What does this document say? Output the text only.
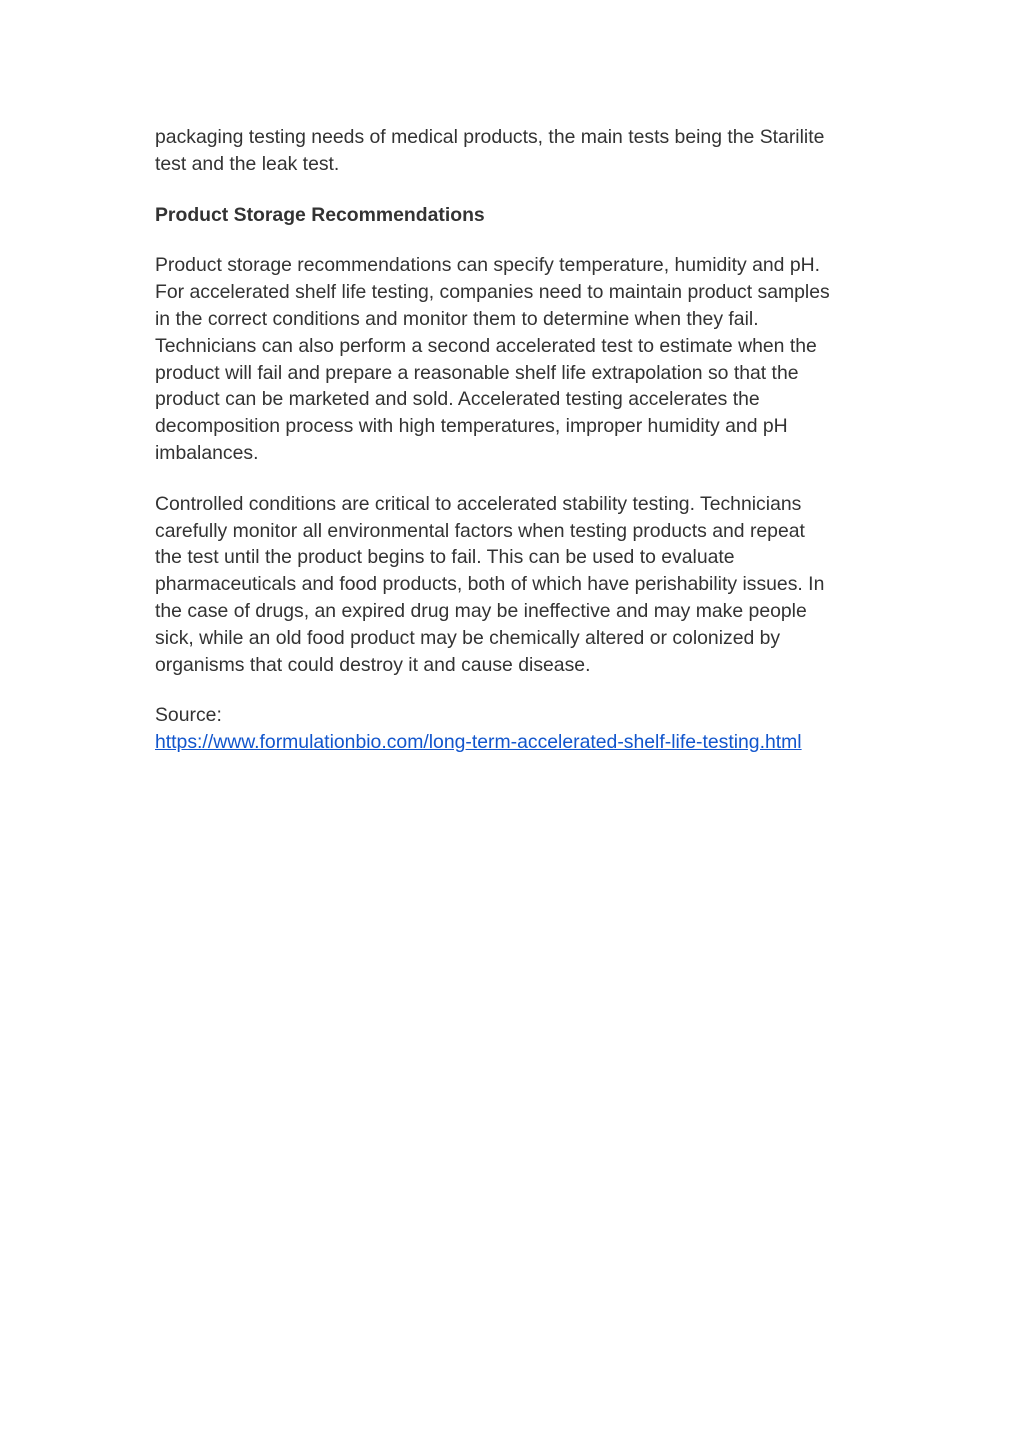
packaging testing needs of medical products, the main tests being the Starilite

test and the leak test.

Product Storage Recommendations

Product storage recommendations can specify temperature, humidity and pH.

For accelerated shelf life testing, companies need to maintain product samples

in the correct conditions and monitor them to determine when they fail.

Technicians can also perform a second accelerated test to estimate when the

product will fail and prepare a reasonable shelf life extrapolation so that the

product can be marketed and sold. Accelerated testing accelerates the

decomposition process with high temperatures, improper humidity and pH

imbalances.

Controlled conditions are critical to accelerated stability testing. Technicians

carefully monitor all environmental factors when testing products and repeat

the test until the product begins to fail. This can be used to evaluate

pharmaceuticals and food products, both of which have perishability issues. In

the case of drugs, an expired drug may be ineffective and may make people

sick, while an old food product may be chemically altered or colonized by

organisms that could destroy it and cause disease.

Source:

https://www.formulationbio.com/long-term-accelerated-shelf-life-testing.html
